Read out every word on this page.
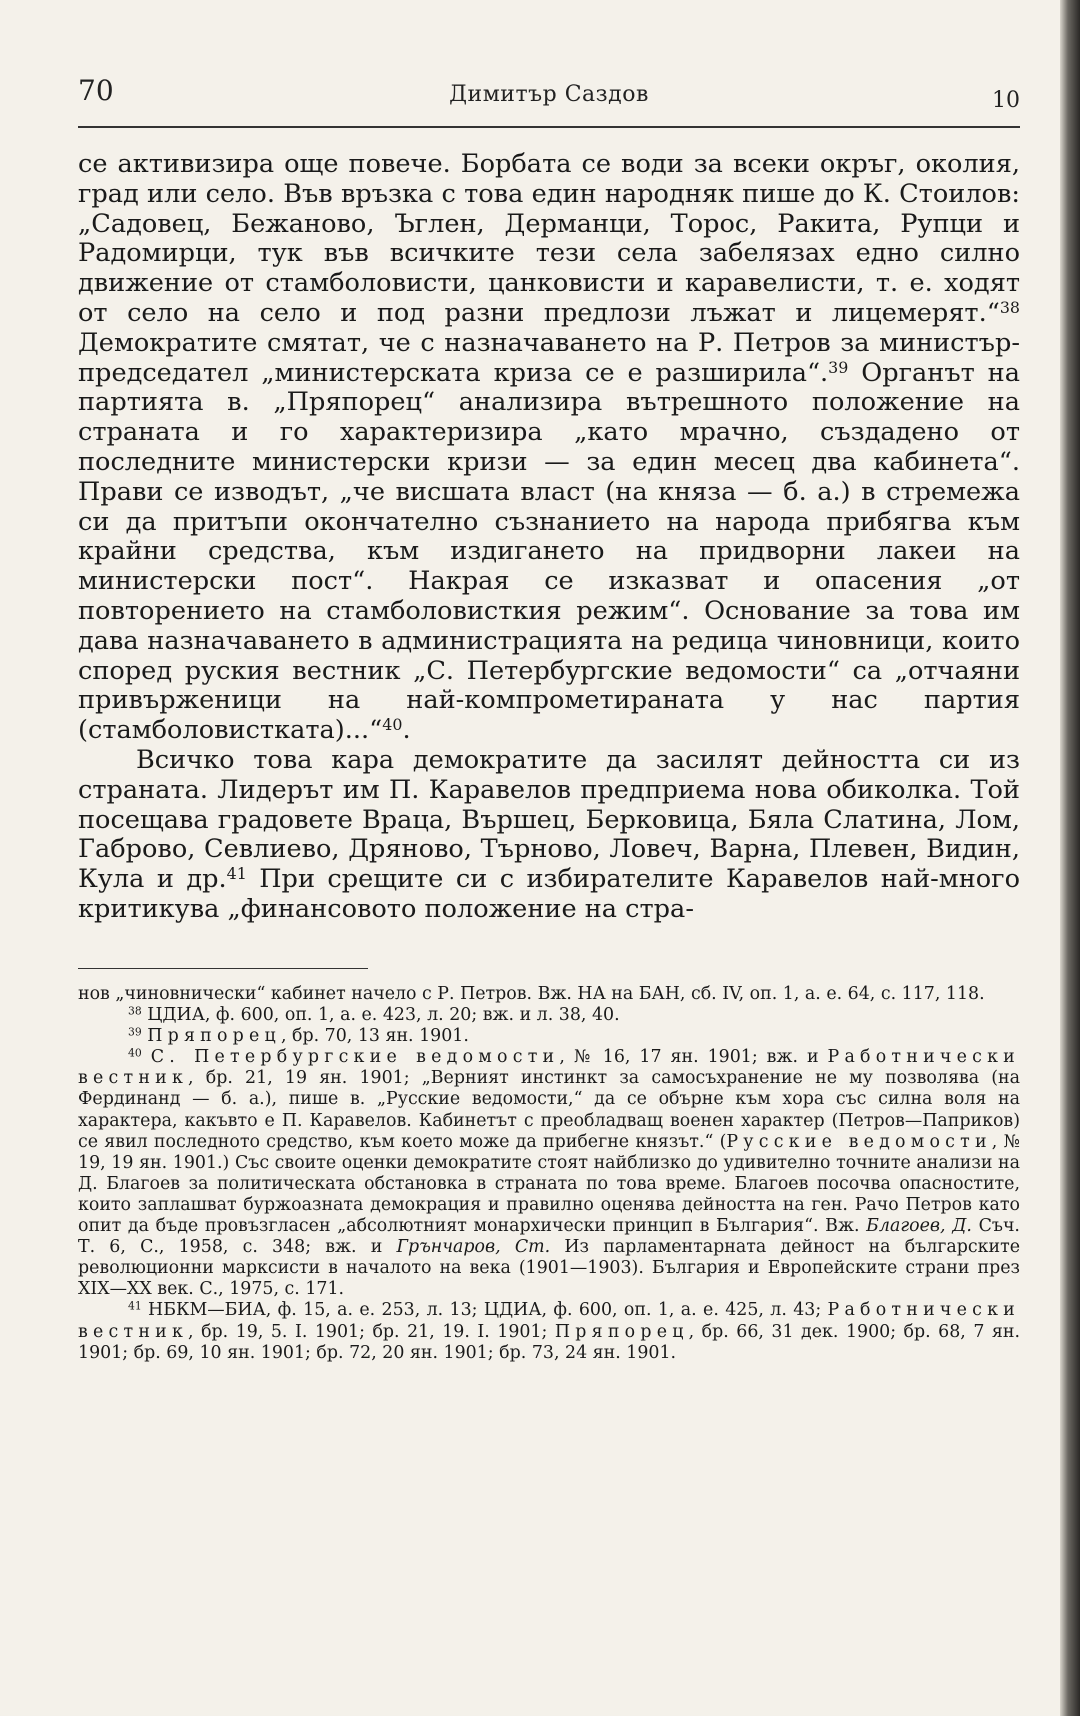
70	Димитър Саздов	10

се активизира още повече. Борбата се води за всеки окръг, околия, град или село. Във връзка с това един народняк пише до К. Стоилов: „Садовец, Бежаново, Ъглен, Дерманци, Торос, Ракита, Рупци и Радомирци, тук във всичките тези села забелязах едно силно движение от стамболовисти, цанковисти и каравелисти, т. е. ходят от село на село и под разни предлози лъжат и лицемерят.“$^{38}$ Демократите смятат, че с назначаването на Р. Петров за министър-председател „министерската криза се е разширила“.$^{39}$ Органът на партията в. „Пряпорец“ анализира вътрешното положение на страната и го характеризира „като мрачно, създадено от последните министерски кризи — за един месец два кабинета“. Прави се изводът, „че висшата власт (на княза — б. а.) в стремежа си да притъпи окончателно съзнанието на народа прибягва към крайни средства, към издигането на придворни лакеи на министерски пост“. Накрая се изказват и опасения „от повторението на стамболовисткия режим“. Основание за това им дава назначаването в администрацията на редица чиновници, които според руския вестник „С. Петербургские ведомости“ са „отчаяни привърженици на най-компрометираната у нас партия (стамболовистката)...“$^{40}$.

Всичко това кара демократите да засилят дейността си из страната. Лидерът им П. Каравелов предприема нова обиколка. Той посещава градовете Враца, Вършец, Берковица, Бяла Слатина, Лом, Габрово, Севлиево, Дряново, Търново, Ловеч, Варна, Плевен, Видин, Кула и др.$^{41}$ При срещите си с избирателите Каравелов най-много критикува „финансовото положение на стра-

нов „чиновнически“ кабинет начело с Р. Петров. Вж. НА на БАН, сб. IV, оп. 1, а. е. 64, с. 117, 118.

$^{38}$ ЦДИА, ф. 600, оп. 1, а. е. 423, л. 20; вж. и л. 38, 40.

$^{39}$ Пряпорец, бр. 70, 13 ян. 1901.

$^{40}$ С. Петербургские ведомости, № 16, 17 ян. 1901; вж. и Работнически вестник, бр. 21, 19 ян. 1901; „Верният инстинкт за самосъхранение не му позволява (на Фердинанд — б. а.), пише в. „Русские ведомости,“ да се обърне към хора със силна воля на характера, какъвто е П. Каравелов. Кабинетът с преобладващ военен характер (Петров—Паприков) се явил последното средство, към което може да прибегне князът.“ (Русские ведомости, № 19, 19 ян. 1901.) Със своите оценки демократите стоят найблизко до удивително точните анализи на Д. Благоев за политическата обстановка в страната по това време. Благоев посочва опасностите, които заплашват буржоазната демокрация и правилно оценява дейността на ген. Рачо Петров като опит да бъде провъзгласен „абсолютният монархически принцип в България“. Вж. Благоев, Д. Съч. Т. 6, С., 1958, с. 348; вж. и Грънчаров, Ст. Из парламентарната дейност на българските революционни марксисти в началото на века (1901—1903). България и Европейските страни през XIX—XX век. С., 1975, с. 171.

$^{41}$ НБКМ—БИА, ф. 15, а. е. 253, л. 13; ЦДИА, ф. 600, оп. 1, а. е. 425, л. 43; Работнически вестник, бр. 19, 5. I. 1901; бр. 21, 19. I. 1901; Пряпорец, бр. 66, 31 дек. 1900; бр. 68, 7 ян. 1901; бр. 69, 10 ян. 1901; бр. 72, 20 ян. 1901; бр. 73, 24 ян. 1901.
